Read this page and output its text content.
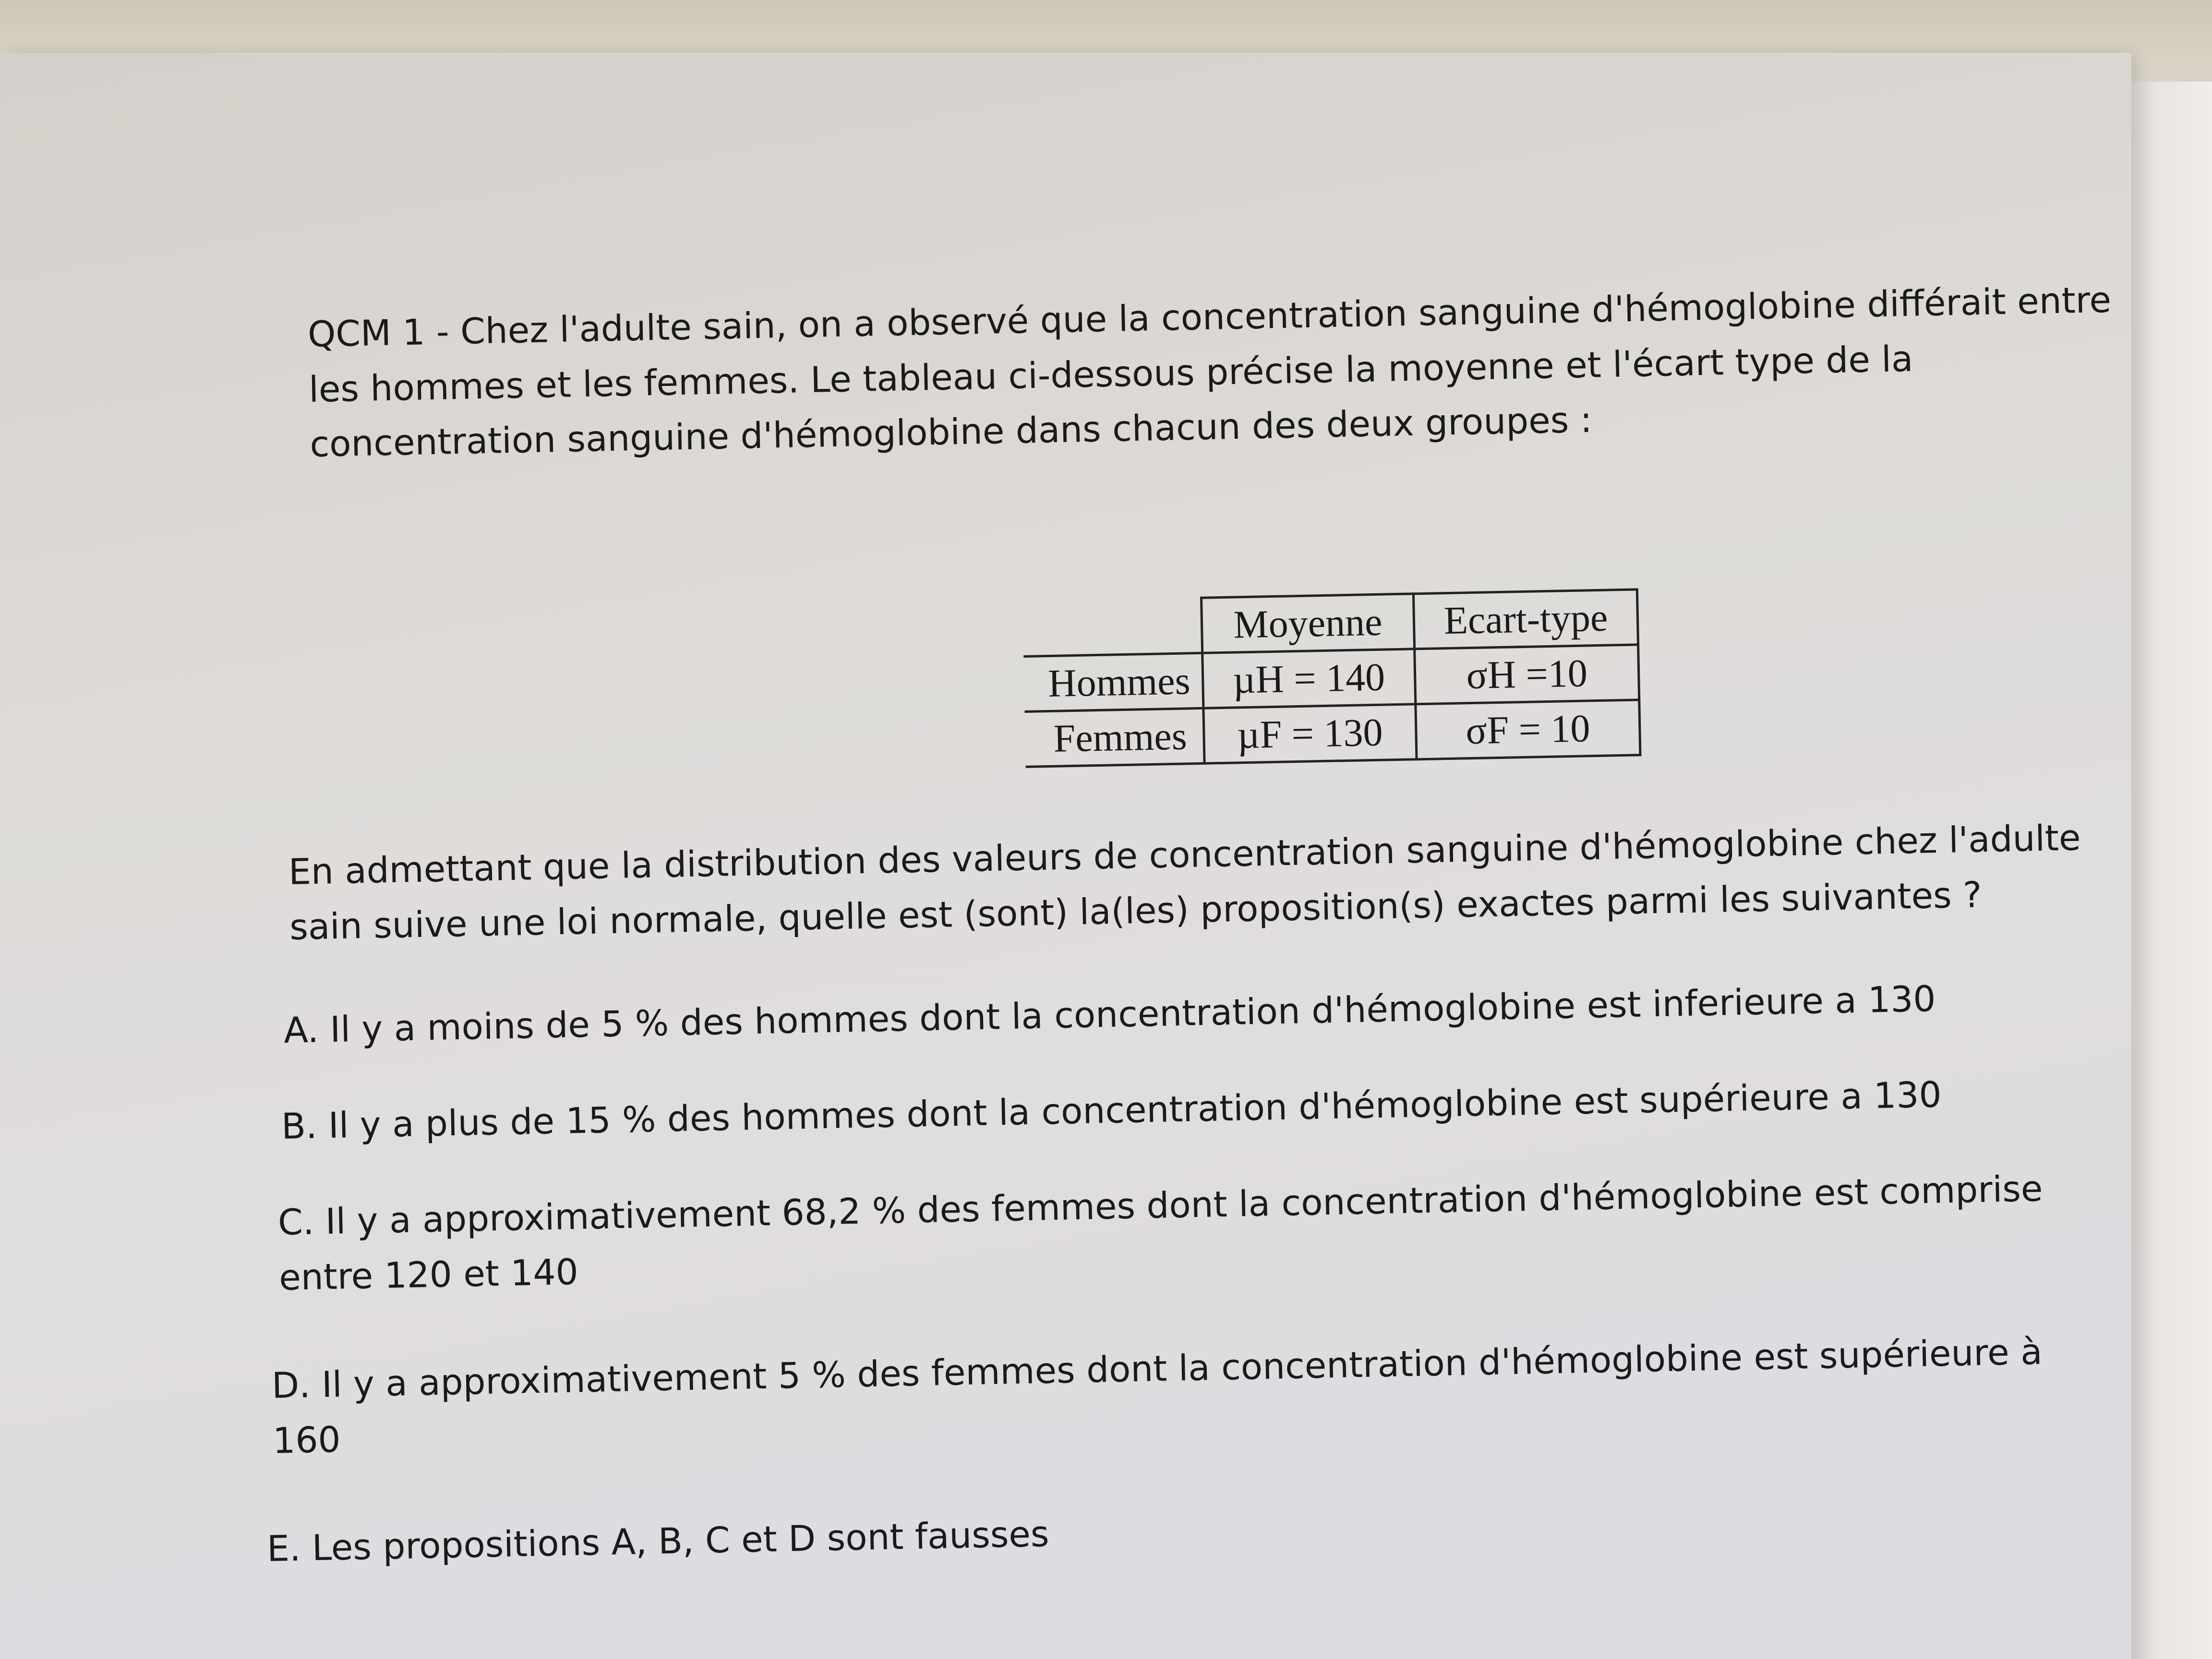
QCM 1 - Chez l'adulte sain, on a observé que la concentration sanguine d'hémoglobine différait entre
les hommes et les femmes. Le tableau ci-dessous précise la moyenne et l'écart type de la
concentration sanguine d'hémoglobine dans chacun des deux groupes :
	Moyenne	Ecart-type
Hommes	µH = 140	σH =10
Femmes	µF = 130	σF = 10
En admettant que la distribution des valeurs de concentration sanguine d'hémoglobine chez l'adulte
sain suive une loi normale, quelle est (sont) la(les) proposition(s) exactes parmi les suivantes ?
A. Il y a moins de 5 % des hommes dont la concentration d'hémoglobine est inferieure a 130
B. Il y a plus de 15 % des hommes dont la concentration d'hémoglobine est supérieure a 130
C. Il y a approximativement 68,2 % des femmes dont la concentration d'hémoglobine est comprise
entre 120 et 140
D. Il y a approximativement 5 % des femmes dont la concentration d'hémoglobine est supérieure à
160
E. Les propositions A, B, C et D sont fausses
